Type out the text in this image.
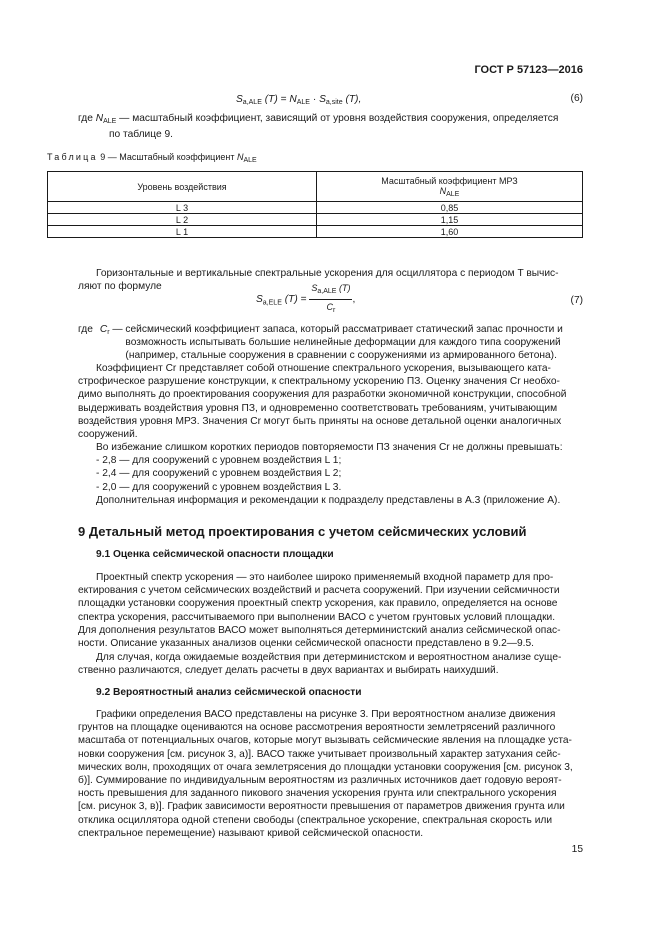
ГОСТ Р 57123—2016
$S_{a,ALE}$ $(T) = N_{ALE} \cdot S_{a,site}$ (T),	(6)
где $N_{ALE}$ — масштабный коэффициент, зависящий от уровня воздействия сооружения, определяется
по таблице 9.
Таблица 9 — Масштабный коэффициент $N_{ALE}$
Уровень воздействия	Масштабный коэффициент МРЗ
$N_{ALE}$

L 3	0,85
L 2	1,15
L 1	1,60
Горизонтальные и вертикальные спектральные ускорения для осциллятора с периодом T вычис-
ляют по формуле
$S_{a,ELE}$ $(T) = \frac{S_{a,ALE} (T)}{C_r}$ ,	(7)
где $C_r$ — сейсмический коэффициент запаса, который рассматривает статический запас прочности и
возможность испытывать большие нелинейные деформации для каждого типа сооружений
(например, стальные сооружения в сравнении с сооружениями из армированного бетона).
Коэффициент Cr представляет собой отношение спектрального ускорения, вызывающего ката-
строфическое разрушение конструкции, к спектральному ускорению ПЗ. Оценку значения Cr необхо-
димо выполнять до проектирования сооружения для разработки экономичной конструкции, способной
выдерживать воздействия уровня ПЗ, и одновременно соответствовать требованиям, учитывающим
воздействия уровня МРЗ. Значения Cr могут быть приняты на основе детальной оценки аналогичных
сооружений.
Во избежание слишком коротких периодов повторяемости ПЗ значения Cr не должны превышать:
- 2,8 — для сооружений с уровнем воздействия L 1;
- 2,4 — для сооружений с уровнем воздействия L 2;
- 2,0 — для сооружений с уровнем воздействия L 3.
Дополнительная информация и рекомендации к подразделу представлены в А.3 (приложение А).
9 Детальный метод проектирования с учетом сейсмических условий
9.1 Оценка сейсмической опасности площадки
Проектный спектр ускорения — это наиболее широко применяемый входной параметр для про-
ектирования с учетом сейсмических воздействий и расчета сооружений. При изучении сейсмичности
площадки установки сооружения проектный спектр ускорения, как правило, определяется на основе
спектра ускорения, рассчитываемого при выполнении ВАСО с учетом грунтовых условий площадки.
Для дополнения результатов ВАСО может выполняться детерминистский анализ сейсмической опас-
ности. Описание указанных анализов оценки сейсмической опасности представлено в 9.2—9.5.
Для случая, когда ожидаемые воздействия при детерминистском и вероятностном анализе суще-
ственно различаются, следует делать расчеты в двух вариантах и выбирать наихудший.
9.2 Вероятностный анализ сейсмической опасности
Графики определения ВАСО представлены на рисунке 3. При вероятностном анализе движения
грунтов на площадке оцениваются на основе рассмотрения вероятности землетрясений различного
масштаба от потенциальных очагов, которые могут вызывать сейсмические явления на площадке уста-
новки сооружения [см. рисунок 3, а)]. ВАСО также учитывает произвольный характер затухания сейс-
мических волн, проходящих от очага землетрясения до площадки установки сооружения [см. рисунок 3,
б)]. Суммирование по индивидуальным вероятностям из различных источников дает годовую вероят-
ность превышения для заданного пикового значения ускорения грунта или спектрального ускорения
[см. рисунок 3, в)]. График зависимости вероятности превышения от параметров движения грунта или
отклика осциллятора одной степени свободы (спектральное ускорение, спектральная скорость или
спектральное перемещение) называют кривой сейсмической опасности.
15
